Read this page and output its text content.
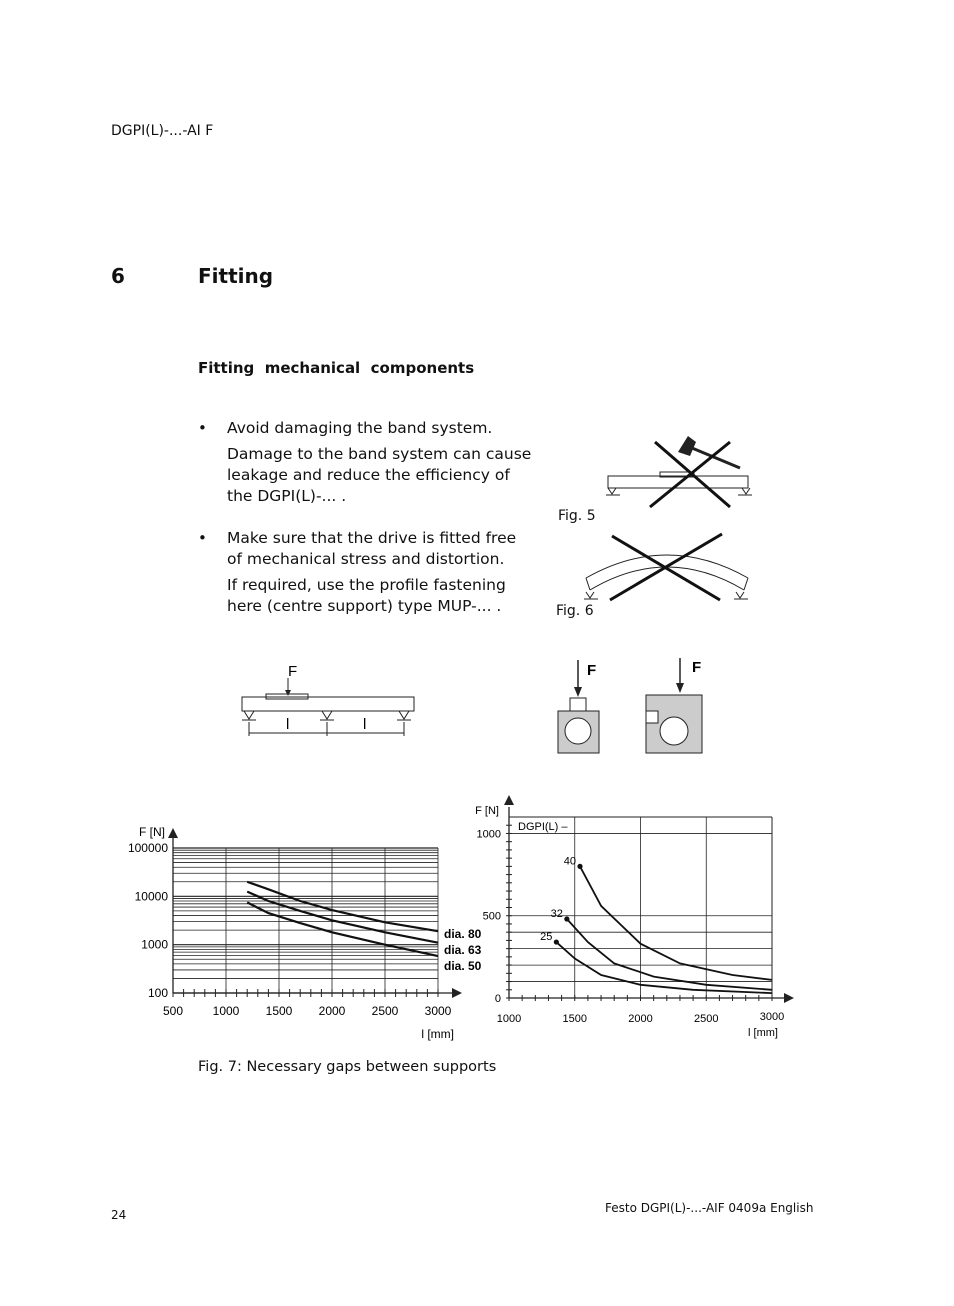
DGPI(L)-...-AI F
6	Fitting
Fitting  mechanical  components
• Avoid damaging the band system.
Damage to the band system can cause leakage and reduce the efficiency of the DGPI(L)-... .
• Make sure that the drive is fitted free of mechanical stress and distortion.
If required, use the profile fastening here (centre support) type MUP-... .
Fig. 5
Fig. 6
F
l	l
F	F
500 1000 1500 2000 2500 3000
100
1000
10000
100000
F [N]
l [mm]
dia. 80
dia. 63
dia. 50
F [N]
DGPI(L) –
0
500
1000
1000	1500	2000	2500	3000
l [mm]
40
32
25
Fig. 7: Necessary gaps between supports
24	Festo DGPI(L)-...-AIF 0409a English
